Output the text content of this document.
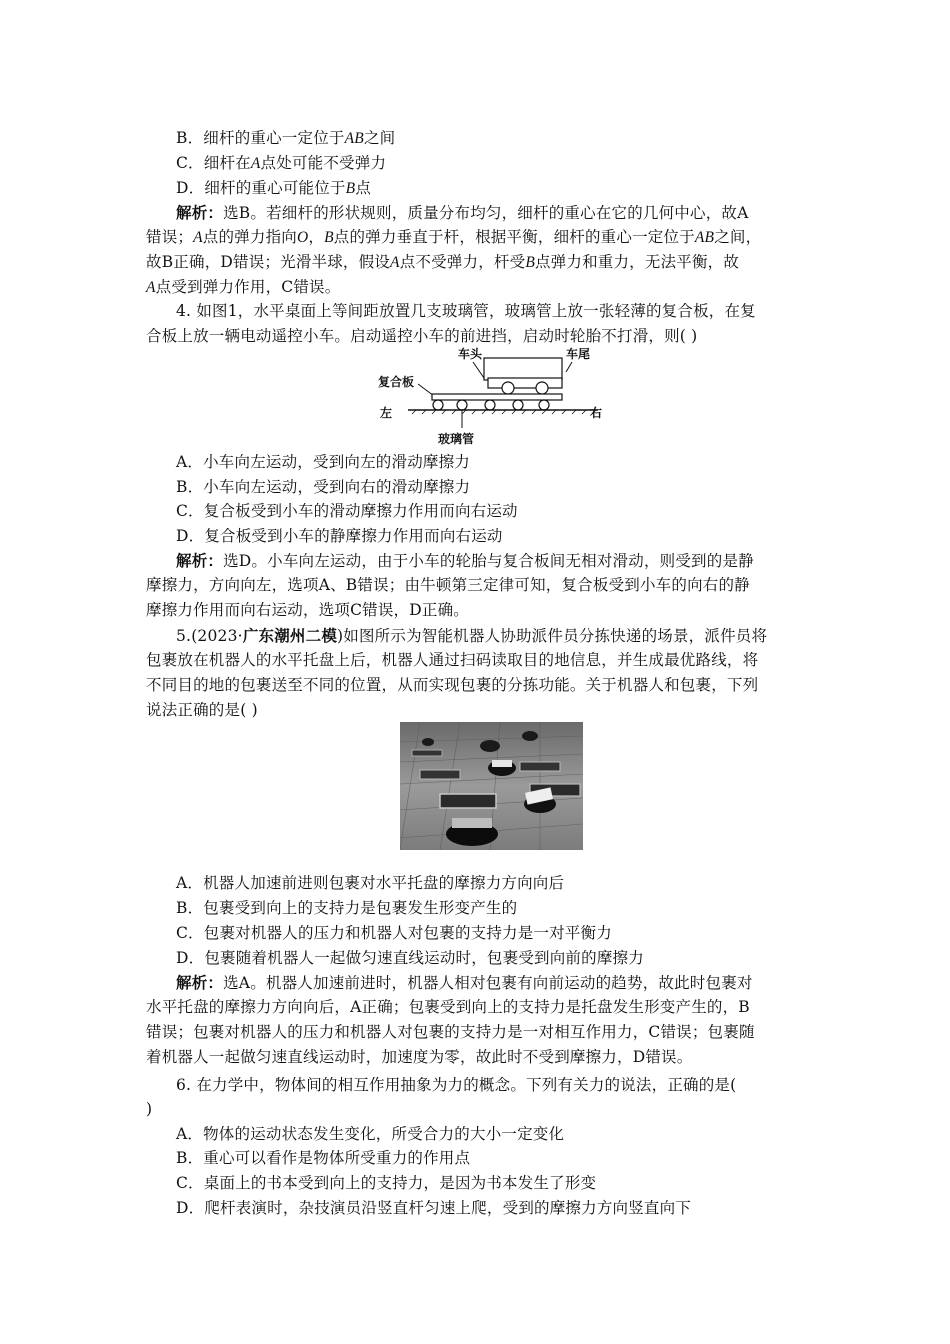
B．细杆的重心一定位于AB之间
C．细杆在A点处可能不受弹力
D．细杆的重心可能位于B点
解析：选B。若细杆的形状规则，质量分布均匀，细杆的重心在它的几何中心，故A
错误；A点的弹力指向O，B点的弹力垂直于杆，根据平衡，细杆的重心一定位于AB之间，
故B正确，D错误；光滑半球，假设A点不受弹力，杆受B点弹力和重力，无法平衡，故
A点受到弹力作用，C错误。
4. 如图1，水平桌面上等间距放置几支玻璃管，玻璃管上放一张轻薄的复合板，在复
合板上放一辆电动遥控小车。启动遥控小车的前进挡，启动时轮胎不打滑，则( )
车头	车尾
复合板
左	右
玻璃管
A．小车向左运动，受到向左的滑动摩擦力
B．小车向左运动，受到向右的滑动摩擦力
C．复合板受到小车的滑动摩擦力作用而向右运动
D．复合板受到小车的静摩擦力作用而向右运动
解析：选D。小车向左运动，由于小车的轮胎与复合板间无相对滑动，则受到的是静
摩擦力，方向向左，选项A、B错误；由牛顿第三定律可知，复合板受到小车的向右的静
摩擦力作用而向右运动，选项C错误，D正确。
5.(2023·广东潮州二模)如图所示为智能机器人协助派件员分拣快递的场景，派件员将
包裹放在机器人的水平托盘上后，机器人通过扫码读取目的地信息，并生成最优路线，将
不同目的地的包裹送至不同的位置，从而实现包裹的分拣功能。关于机器人和包裹，下列
说法正确的是( )
A．机器人加速前进则包裹对水平托盘的摩擦力方向向后
B．包裹受到向上的支持力是包裹发生形变产生的
C．包裹对机器人的压力和机器人对包裹的支持力是一对平衡力
D．包裹随着机器人一起做匀速直线运动时，包裹受到向前的摩擦力
解析：选A。机器人加速前进时，机器人相对包裹有向前运动的趋势，故此时包裹对
水平托盘的摩擦力方向向后，A正确；包裹受到向上的支持力是托盘发生形变产生的，B
错误；包裹对机器人的压力和机器人对包裹的支持力是一对相互作用力，C错误；包裹随
着机器人一起做匀速直线运动时，加速度为零，故此时不受到摩擦力，D错误。
6. 在力学中，物体间的相互作用抽象为力的概念。下列有关力的说法，正确的是(
)
A．物体的运动状态发生变化，所受合力的大小一定变化
B．重心可以看作是物体所受重力的作用点
C．桌面上的书本受到向上的支持力，是因为书本发生了形变
D．爬杆表演时，杂技演员沿竖直杆匀速上爬，受到的摩擦力方向竖直向下
